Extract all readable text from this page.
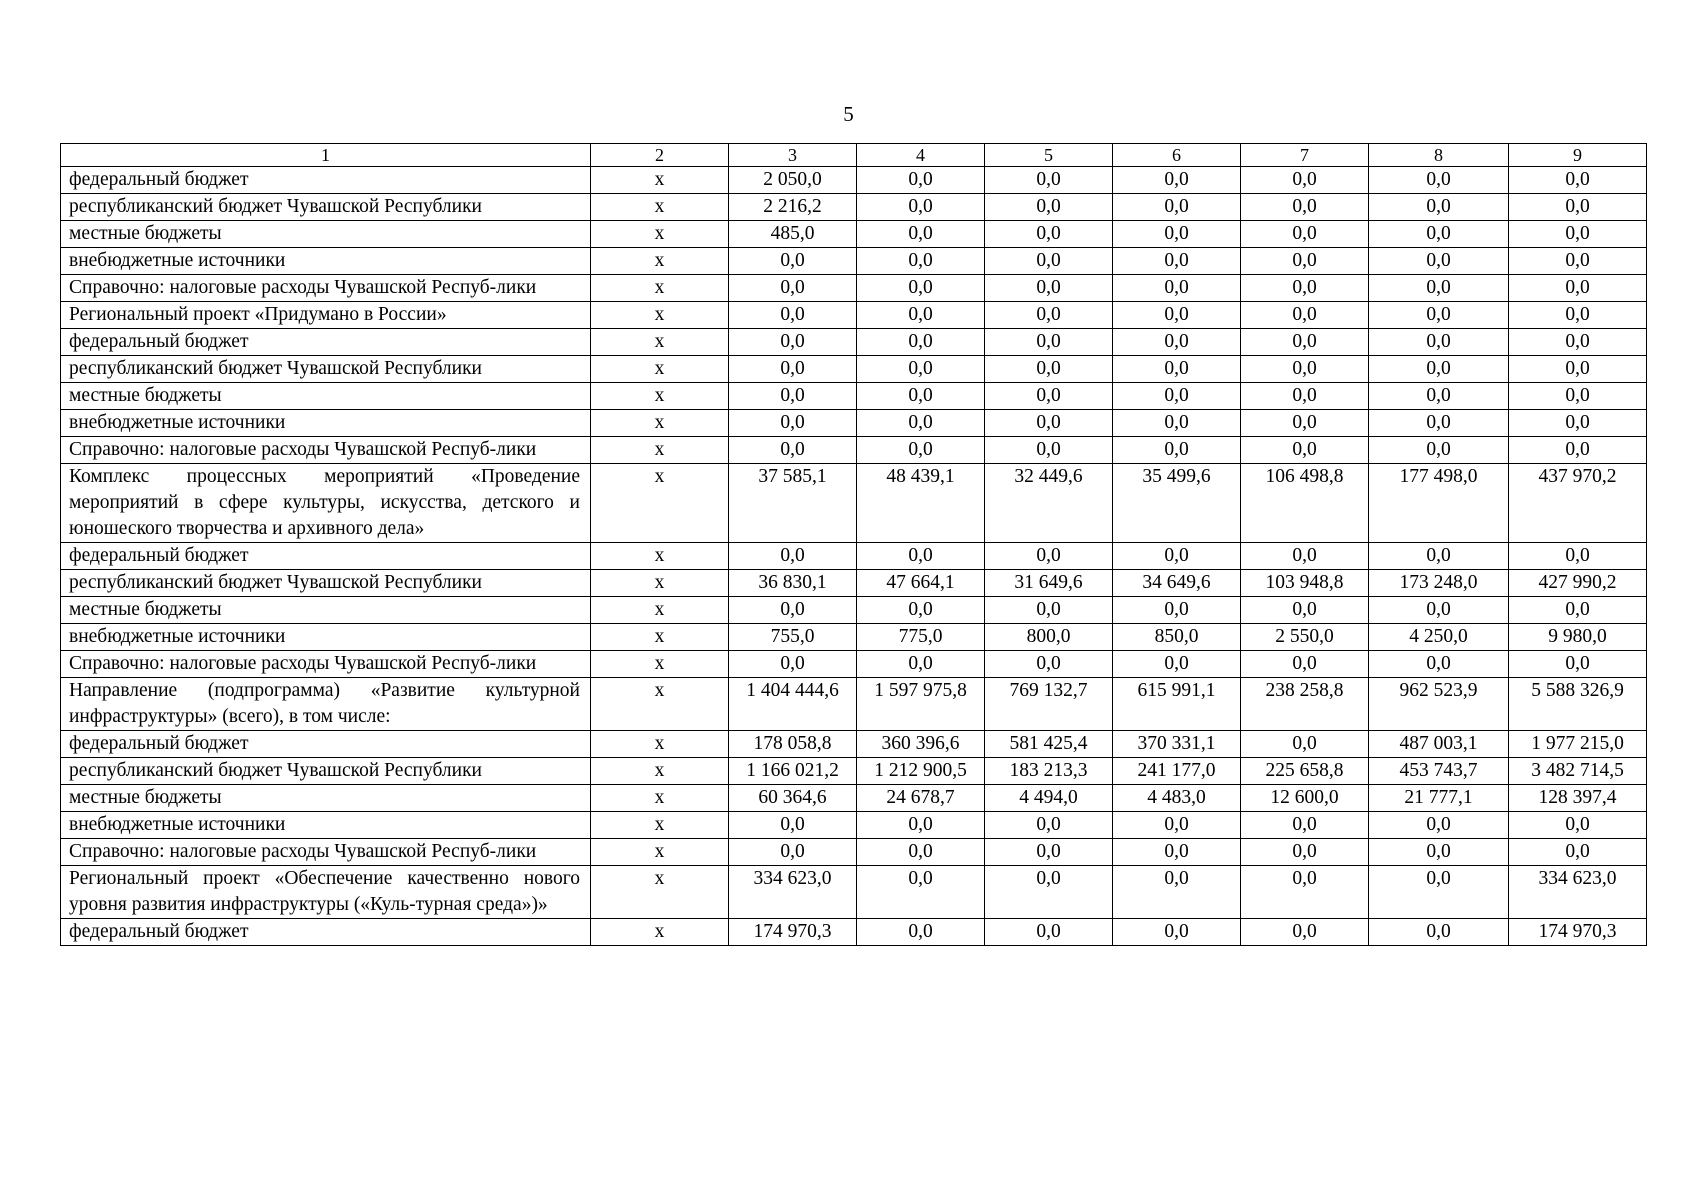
5
1	2	3	4	5	6	7	8	9
федеральный бюджет	x	2 050,0	0,0	0,0	0,0	0,0	0,0	0,0
республиканский бюджет Чувашской Республики	x	2 216,2	0,0	0,0	0,0	0,0	0,0	0,0
местные бюджеты	x	485,0	0,0	0,0	0,0	0,0	0,0	0,0
внебюджетные источники	x	0,0	0,0	0,0	0,0	0,0	0,0	0,0
Справочно: налоговые расходы Чувашской Респуб-лики	x	0,0	0,0	0,0	0,0	0,0	0,0	0,0
Региональный проект «Придумано в России»	x	0,0	0,0	0,0	0,0	0,0	0,0	0,0
федеральный бюджет	x	0,0	0,0	0,0	0,0	0,0	0,0	0,0
республиканский бюджет Чувашской Республики	x	0,0	0,0	0,0	0,0	0,0	0,0	0,0
местные бюджеты	x	0,0	0,0	0,0	0,0	0,0	0,0	0,0
внебюджетные источники	x	0,0	0,0	0,0	0,0	0,0	0,0	0,0
Справочно: налоговые расходы Чувашской Респуб-лики	x	0,0	0,0	0,0	0,0	0,0	0,0	0,0
Комплекс процессных мероприятий «Проведение мероприятий в сфере культуры, искусства, детского и юношеского творчества и архивного дела»	x	37 585,1	48 439,1	32 449,6	35 499,6	106 498,8	177 498,0	437 970,2
федеральный бюджет	x	0,0	0,0	0,0	0,0	0,0	0,0	0,0
республиканский бюджет Чувашской Республики	x	36 830,1	47 664,1	31 649,6	34 649,6	103 948,8	173 248,0	427 990,2
местные бюджеты	x	0,0	0,0	0,0	0,0	0,0	0,0	0,0
внебюджетные источники	x	755,0	775,0	800,0	850,0	2 550,0	4 250,0	9 980,0
Справочно: налоговые расходы Чувашской Респуб-лики	x	0,0	0,0	0,0	0,0	0,0	0,0	0,0
Направление (подпрограмма) «Развитие культурной инфраструктуры» (всего), в том числе:	x	1 404 444,6	1 597 975,8	769 132,7	615 991,1	238 258,8	962 523,9	5 588 326,9
федеральный бюджет	x	178 058,8	360 396,6	581 425,4	370 331,1	0,0	487 003,1	1 977 215,0
республиканский бюджет Чувашской Республики	x	1 166 021,2	1 212 900,5	183 213,3	241 177,0	225 658,8	453 743,7	3 482 714,5
местные бюджеты	x	60 364,6	24 678,7	4 494,0	4 483,0	12 600,0	21 777,1	128 397,4
внебюджетные источники	x	0,0	0,0	0,0	0,0	0,0	0,0	0,0
Справочно: налоговые расходы Чувашской Респуб-лики	x	0,0	0,0	0,0	0,0	0,0	0,0	0,0
Региональный проект «Обеспечение качественно нового уровня развития инфраструктуры («Куль-турная среда»)»	x	334 623,0	0,0	0,0	0,0	0,0	0,0	334 623,0
федеральный бюджет	x	174 970,3	0,0	0,0	0,0	0,0	0,0	174 970,3
